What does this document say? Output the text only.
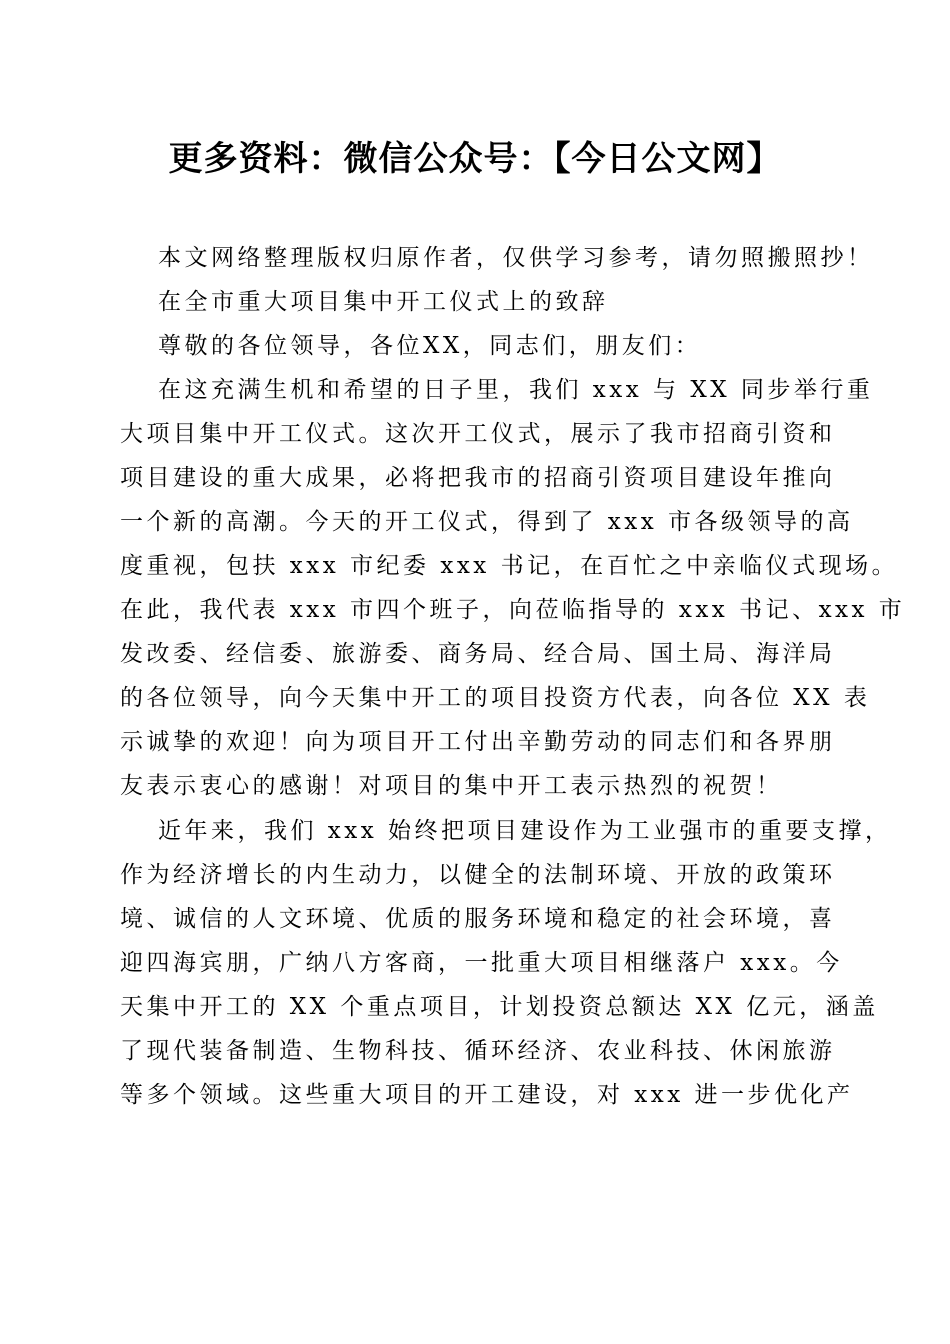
更多资料：微信公众号：【今日公文网】
本文网络整理版权归原作者，仅供学习参考，请勿照搬照抄！
在全市重大项目集中开工仪式上的致辞
尊敬的各位领导，各位XX，同志们，朋友们：
在这充满生机和希望的日子里，我们 xxx 与 XX 同步举行重
大项目集中开工仪式。这次开工仪式，展示了我市招商引资和
项目建设的重大成果，必将把我市的招商引资项目建设年推向
一个新的高潮。今天的开工仪式，得到了 xxx 市各级领导的高
度重视，包扶 xxx 市纪委 xxx 书记，在百忙之中亲临仪式现场。
在此，我代表 xxx 市四个班子，向莅临指导的 xxx 书记、xxx 市
发改委、经信委、旅游委、商务局、经合局、国土局、海洋局
的各位领导，向今天集中开工的项目投资方代表，向各位 XX 表
示诚挚的欢迎！向为项目开工付出辛勤劳动的同志们和各界朋
友表示衷心的感谢！对项目的集中开工表示热烈的祝贺！
近年来，我们 xxx 始终把项目建设作为工业强市的重要支撑，
作为经济增长的内生动力，以健全的法制环境、开放的政策环
境、诚信的人文环境、优质的服务环境和稳定的社会环境，喜
迎四海宾朋，广纳八方客商，一批重大项目相继落户 xxx。今
天集中开工的 XX 个重点项目，计划投资总额达 XX 亿元，涵盖
了现代装备制造、生物科技、循环经济、农业科技、休闲旅游
等多个领域。这些重大项目的开工建设，对 xxx 进一步优化产
